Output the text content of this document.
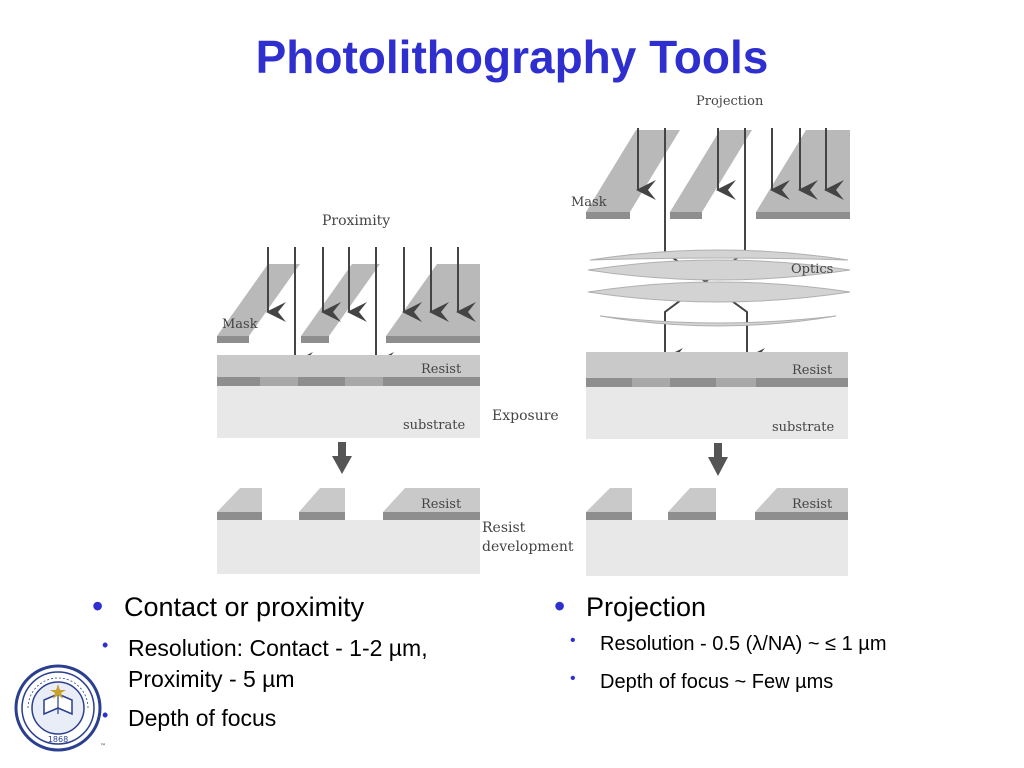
Photolithography Tools
Proximity
Mask
Resist
substrate
Resist
Exposure
Resist
development
Projection
Mask
Optics
Resist
substrate
Resist
• Contact or proximity
• Resolution: Contact - 1-2 µm,
Proximity - 5 µm
• Depth of focus
• Projection
• Resolution - 0.5 (λ/NA) ~ ≤ 1 µm
• Depth of focus ~ Few µms
1868
™
